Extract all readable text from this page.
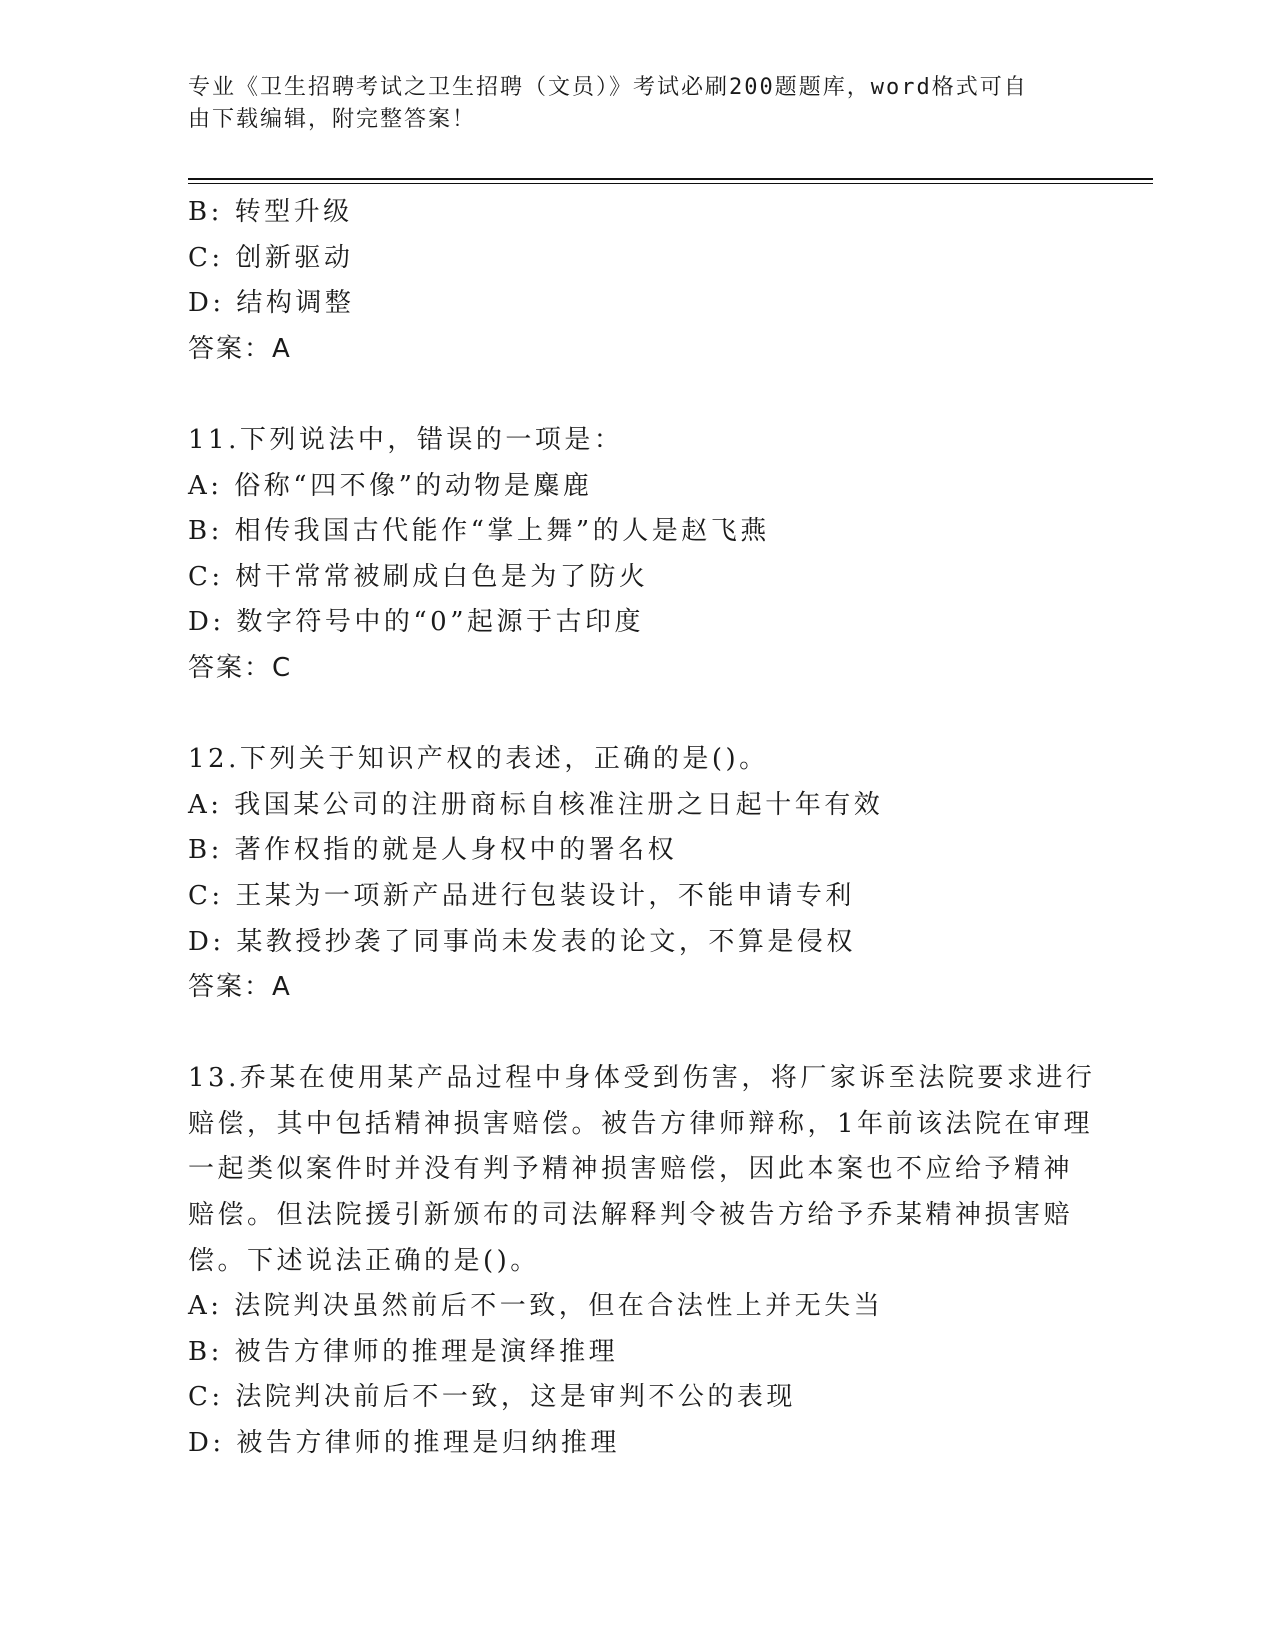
专业《卫生招聘考试之卫生招聘（文员）》考试必刷200题题库，word格式可自
由下载编辑，附完整答案！
B: 转型升级
C: 创新驱动
D: 结构调整
答案：A
11.下列说法中，错误的一项是：
A: 俗称“四不像”的动物是麋鹿
B: 相传我国古代能作“掌上舞”的人是赵飞燕
C: 树干常常被刷成白色是为了防火
D: 数字符号中的“0”起源于古印度
答案：C
12.下列关于知识产权的表述，正确的是()。
A: 我国某公司的注册商标自核准注册之日起十年有效
B: 著作权指的就是人身权中的署名权
C: 王某为一项新产品进行包装设计，不能申请专利
D: 某教授抄袭了同事尚未发表的论文，不算是侵权
答案：A
13.乔某在使用某产品过程中身体受到伤害，将厂家诉至法院要求进行
赔偿，其中包括精神损害赔偿。被告方律师辩称，1年前该法院在审理
一起类似案件时并没有判予精神损害赔偿，因此本案也不应给予精神
赔偿。但法院援引新颁布的司法解释判令被告方给予乔某精神损害赔
偿。下述说法正确的是()。
A: 法院判决虽然前后不一致，但在合法性上并无失当
B: 被告方律师的推理是演绎推理
C: 法院判决前后不一致，这是审判不公的表现
D: 被告方律师的推理是归纳推理
